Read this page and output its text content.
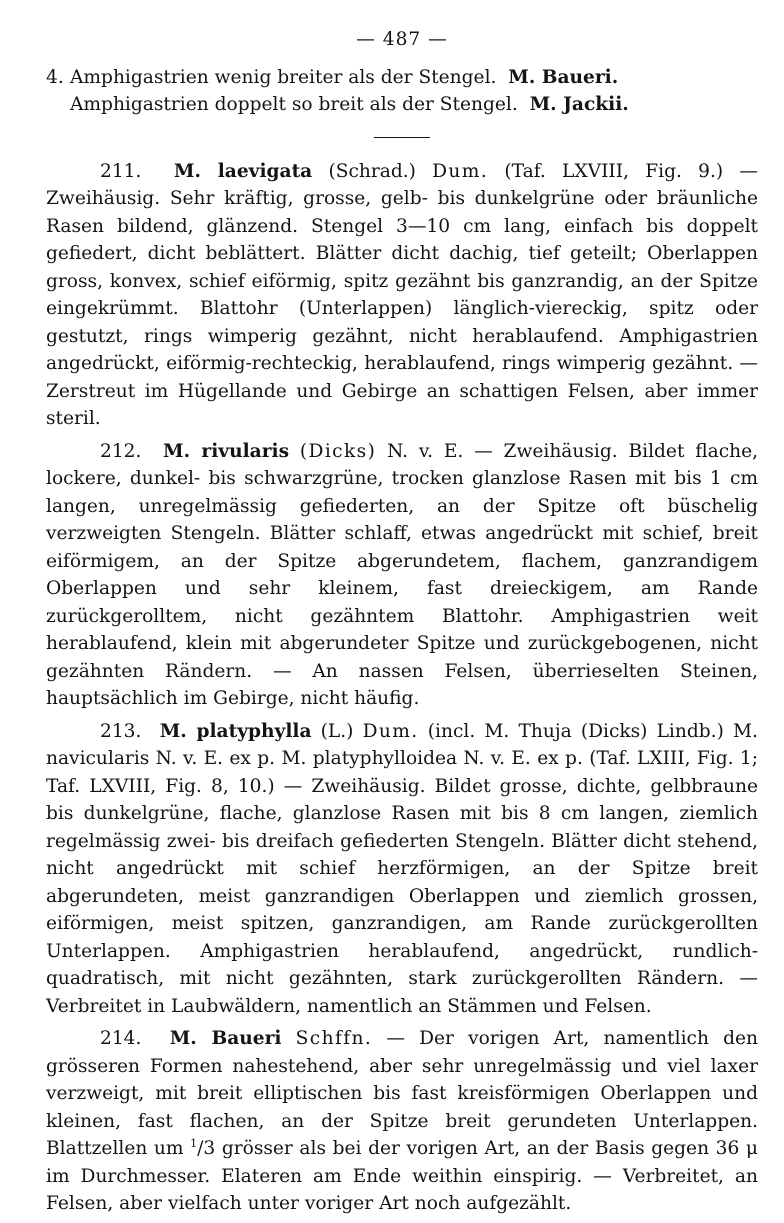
— 487 —
4. Amphigastrien wenig breiter als der Stengel. M. Baueri.
Amphigastrien doppelt so breit als der Stengel. M. Jackii.

211. M. laevigata (Schrad.) Dum. (Taf. LXVIII, Fig. 9.) — Zweihäusig. Sehr kräftig, grosse, gelb- bis dunkelgrüne oder bräunliche Rasen bildend, glänzend. Stengel 3—10 cm lang, einfach bis doppelt gefiedert, dicht beblättert. Blätter dicht dachig, tief geteilt; Oberlappen gross, konvex, schief eiförmig, spitz gezähnt bis ganzrandig, an der Spitze eingekrümmt. Blattohr (Unterlappen) länglich-viereckig, spitz oder gestutzt, rings wimperig gezähnt, nicht herablaufend. Amphigastrien angedrückt, eiförmig-rechteckig, herablaufend, rings wimperig gezähnt. — Zerstreut im Hügellande und Gebirge an schattigen Felsen, aber immer steril.

212. M. rivularis (Dicks) N. v. E. — Zweihäusig. Bildet flache, lockere, dunkel- bis schwarzgrüne, trocken glanzlose Rasen mit bis 1 cm langen, unregelmässig gefiederten, an der Spitze oft büschelig verzweigten Stengeln. Blätter schlaff, etwas angedrückt mit schief, breit eiförmigem, an der Spitze abgerundetem, flachem, ganzrandigem Oberlappen und sehr kleinem, fast dreieckigem, am Rande zurückgerolltem, nicht gezähntem Blattohr. Amphigastrien weit herablaufend, klein mit abgerundeter Spitze und zurückgebogenen, nicht gezähnten Rändern. — An nassen Felsen, überrieselten Steinen, hauptsächlich im Gebirge, nicht häufig.

213. M. platyphylla (L.) Dum. (incl. M. Thuja (Dicks) Lindb.) M. navicularis N. v. E. ex p. M. platyphylloidea N. v. E. ex p. (Taf. LXIII, Fig. 1; Taf. LXVIII, Fig. 8, 10.) — Zweihäusig. Bildet grosse, dichte, gelbbraune bis dunkelgrüne, flache, glanzlose Rasen mit bis 8 cm langen, ziemlich regelmässig zwei- bis dreifach gefiederten Stengeln. Blätter dicht stehend, nicht angedrückt mit schief herzförmigen, an der Spitze breit abgerundeten, meist ganzrandigen Oberlappen und ziemlich grossen, eiförmigen, meist spitzen, ganzrandigen, am Rande zurückgerollten Unterlappen. Amphigastrien herablaufend, angedrückt, rundlich-quadratisch, mit nicht gezähnten, stark zurückgerollten Rändern. — Verbreitet in Laubwäldern, namentlich an Stämmen und Felsen.

214. M. Baueri Schffn. — Der vorigen Art, namentlich den grösseren Formen nahestehend, aber sehr unregelmässig und viel laxer verzweigt, mit breit elliptischen bis fast kreisförmigen Oberlappen und kleinen, fast flachen, an der Spitze breit gerundeten Unterlappen. Blattzellen um $^1$/3 grösser als bei der vorigen Art, an der Basis gegen 36 μ im Durchmesser. Elateren am Ende weithin einspirig. — Verbreitet, an Felsen, aber vielfach unter voriger Art noch aufgezählt.
